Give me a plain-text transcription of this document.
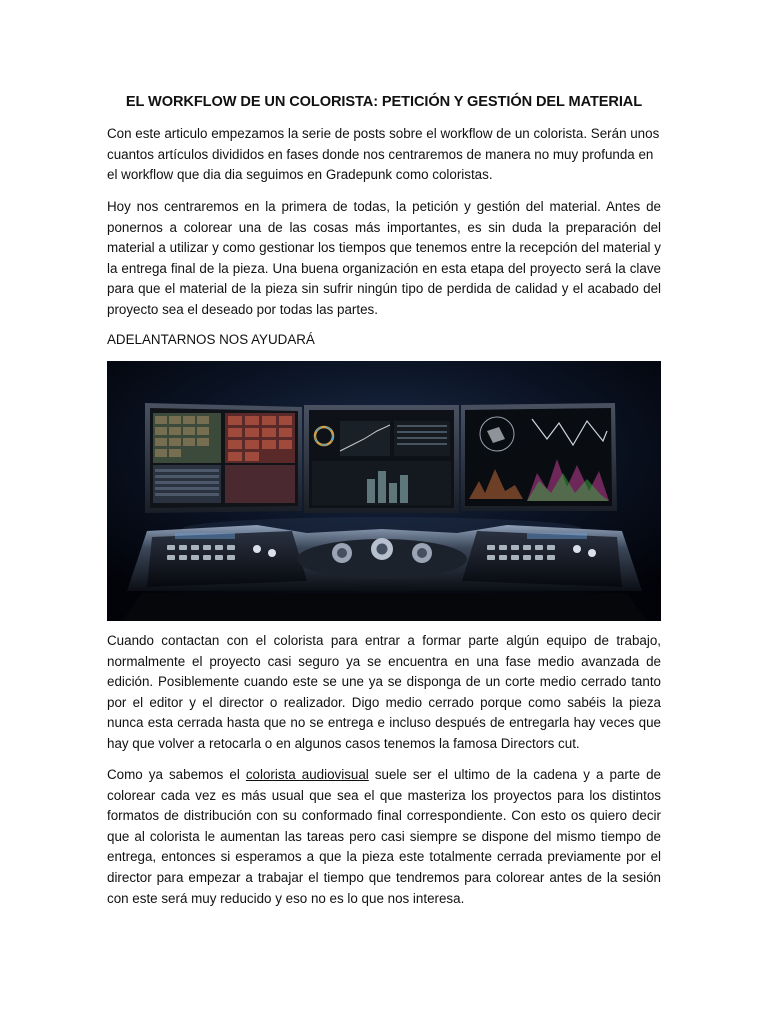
EL WORKFLOW DE UN COLORISTA: PETICIÓN Y GESTIÓN DEL MATERIAL

Con este articulo empezamos la serie de posts sobre el workflow de un colorista. Serán unos cuantos artículos divididos en fases donde nos centraremos de manera no muy profunda en el workflow que dia dia seguimos en Gradepunk como coloristas.

Hoy nos centraremos en la primera de todas, la petición y gestión del material. Antes de ponernos a colorear una de las cosas más importantes, es sin duda la preparación del material a utilizar y como gestionar los tiempos que tenemos entre la recepción del material y la entrega final de la pieza. Una buena organización en esta etapa del proyecto será la clave para que el material de la pieza sin sufrir ningún tipo de perdida de calidad y el acabado del proyecto sea el deseado por todas las partes.

ADELANTARNOS NOS AYUDARÁ

Cuando contactan con el colorista para entrar a formar parte algún equipo de trabajo, normalmente el proyecto casi seguro ya se encuentra en una fase medio avanzada de edición. Posiblemente cuando este se une ya se disponga de un corte medio cerrado tanto por el editor y el director o realizador. Digo medio cerrado porque como sabéis la pieza nunca esta cerrada hasta que no se entrega e incluso después de entregarla hay veces que hay que volver a retocarla o en algunos casos tenemos la famosa Directors cut.

Como ya sabemos el colorista audiovisual suele ser el ultimo de la cadena y a parte de colorear cada vez es más usual que sea el que masteriza los proyectos para los distintos formatos de distribución con su conformado final correspondiente. Con esto os quiero decir que al colorista le aumentan las tareas pero casi siempre se dispone del mismo tiempo de entrega, entonces si esperamos a que la pieza este totalmente cerrada previamente por el director para empezar a trabajar el tiempo que tendremos para colorear antes de la sesión con este será muy reducido y eso no es lo que nos interesa.
